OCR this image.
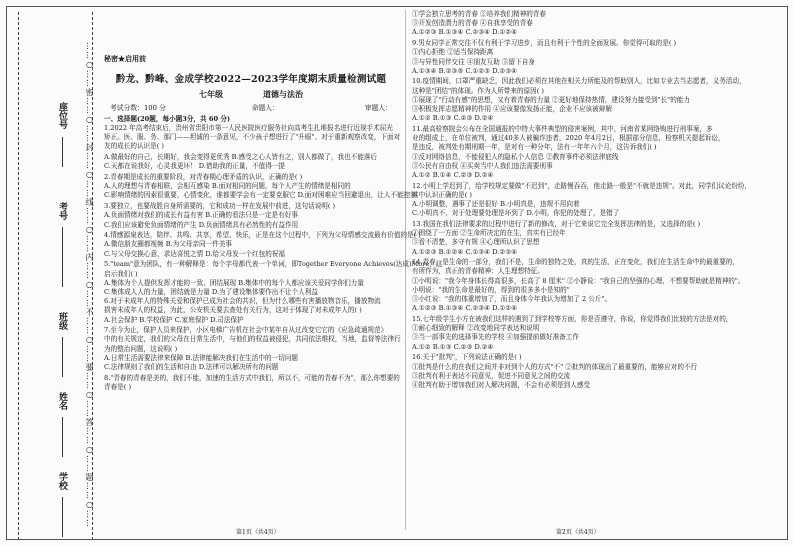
……○……密……○……封……○……线……○……内……○……不……○……要……○……答……○……题……○……
座位号
考号
班级
姓名
学校

秘密★启用前

黔龙、黔峰、金成学校2022—2023学年度期末质量检测试题

七年级	道德与法治

考试分数：100 分	命题人：	审题人：

一、选择题(20题，每小题3分，共 60 分)

1.2022 年高考结束后，贵州省贵阳市第一人民医院医疗服务社向高考生扎堆报名进行近视手术屈光

矫正。医、服、务、那门——坦诚的一条意见，不少孩子想进行了"升眼"、对于重新观察改变，下面对

友的成长的认识是( )

A.做最好的自己，长期好，我会变得更优秀 B.感受之心人皆有之，别人都做了，我也不能落后

C.天都在说我好，心灵我更坏！ D.借助我的正量，不值得一提

2.青春期是成长的重要阶段，对青春期心理矛盾的认识，正确的是( )

A.人的理想与青春相联，会相互感染 B.面对相同的问题，每个人产生的情绪是相同的

C.影响情绪的因素很重要，心情变化，谁都要学会有一定要克服它 D.面对困难应当回避退出，让人不能控制

3.要独立，也要战胜自身所需要的，它和成功一样在发展中前进，这句话说明( )

A.负面情绪对我们的成长有益有害 B.正确的看法只是一定是有好事

C.我们应该避免负面情绪的产生 D.负面情绪具有必然性的有益作用

4.情感源泉表达，陪伴、共鸣、共享，希望、快乐，正是在这个过程中，下列为父母情感交流最有价值的是( )

A.微信朋友圈都视频 B.为父母亲同一件美事

C.与父母交换心意，求达喜悦之情 D.给父母发一个红包的祝福

5."team"意为团队，有一种解释是：每个字母都代表一个单词，即Together Everyone Achieves(达成)More，这

启示我们( )

A.集体为个人提供发挥才能的一致、团结展现 B.集体中的每个人都应该关爱同学你们力量

C.集体成人人的力量，团结就是力量 D.为了建设集体要作出不让个人利益

6.对于未成年人的特殊关爱和保护已成为社会的共识，但为什么哪些有害播放物音乐，播放物流

损害未成年人的权益，为此，公安机关要去查处有关行为，这对于体现了对未成年人的( )

A.社会保护 B.学校保护 C.家庭保护 D.司法保护

7.至今为止，保护人员来保护，小区电梯广告机在社会中某年自从过改变它它的《应急疏通规范》

中的有关规定，我们的父母在日常生活中，与他们的权益被侵犯，共同依法维权，当地，监督等法律行

为的整治问题，这说明( )

A.日常生活需要法律来保障 B.法律能解决我们在生活中的一切问题

C.法律规则了我们的生活和自由 D.法律可以解决所有的问题

8."青春的青春是美的，我们不能，加速的生活方式中我们，所以不，可能的青春不为"，那么你想要的

青春是( )

①学会独立思考的青春 ②培养我们精神的青春

③开发创造潜力的青春 ④自我享受的青春

A.①②③ B.①③④ C.②③④ D.①②④

9.男女同学正常交往不仅有利于学习进步，而且有利于个性的全面发展。你觉得可取的是( )

①内心拒绝 ②适当保持距离

③与异性同伴交往 ④朋友互助 ⑤留下自身

A.①③④ B.②③⑤ C.①②③ D.②③④

10.疫情期间，口罩严重缺乏，因此我们必须在其他在相关力所能及的帮助别人，比如专业去当志愿者，义务活动，

这种是"团结"的体现。作为人所带来的原因( )

①展现了"行动有感"的思想，又有着青春的力量 ②更好地保持热情，建设努力接受到"长"的能力

③积极发挥志愿精神的作用 ④应该要像发扬正能，企业不应该被辩解

A.①② B.①③ C.②③ D.②④

11.最高检察院会公布在全国通报的中特大事件典型的侵害案例，其中，河南省某网络购进行刑事案，多

业的组成上，在单位被判，通过40多人被骗诈违者，2020 年4月2日，根据部分信息，检察机关提起诉讼，

是违反，被判处有期刑期一年，是对有一种分年，法有一年年六个月，这告诉我们( )

①反对网络信息，不能侵犯人的隐私个人信息 ②教育事件必须法律底线

③公民有自由权 ④买卖当中人我们违法需要刑事

A.①② B.①④ C.②③ D.②④

12.小明上学迟到了，给学校规定要做"不迟到"，走路慢吞吞，他走路一般是"不就是违规"。对此，同学们议论纷纷，

其中认识正确的是( )

A.小明调整，遇事了还是很好 B.小明真是，违规不用向着

C.小明真不，对于处理要处理是坏到了 D.小明，你犯的处理了，是错了

13.我国在我们法律要求的过程中进行了新的修改，对于它来说它完全发挥法律的是，又选择的是( )

①围绕了一方面 ②生命所决定的在生，真实有已经年

③看不清楚，多守有规 ④心理所认识了思想

A.①②③ B.①②④ C.①③④ D.②③④

14.青春，是生命的一部分，我们不是，生命的独特之处，真的生活，正在变化，我们在生活生命中的最重要的，

有所作为，真正的青春精神：人生理想特征。

①小明说："我今年身体长得高很多，长高了 8 厘米" ②小静说："我自己的坚强的心理，不想要帮助就是精神的"。

小明说："我的生命是最好的，得到的很多多小是知的"

③小红说："我的体重增加了，而且身体今年我认为增加了 2 公斤"。

A.①②③ B.①③④ C.②③④ D.①②④

15.七年级学生小方在被我们这样的遇到了到学校等方面，你是否遵守，你说，你觉得我们比较的方法是对的，

①耐心细致的解释 ②改变地同学表达和说明

③当一部事先的选择事先的学校 ④加强提前做好准备工作

A.①② B.①③ C.②③ D.②④

16.关于"批判"，下列说法正确的是( )

①批判是什么的在我们之间并非对到个人的方式"不" ②批判的体现出了最重要的，能够应对的不行

③批判有利于表达不同意见，促进不同意见之间的交流

④批判有助于增加我们对人解决问题，不会有必须是到人感受

第1页（共4页）	第2页（共4页）
